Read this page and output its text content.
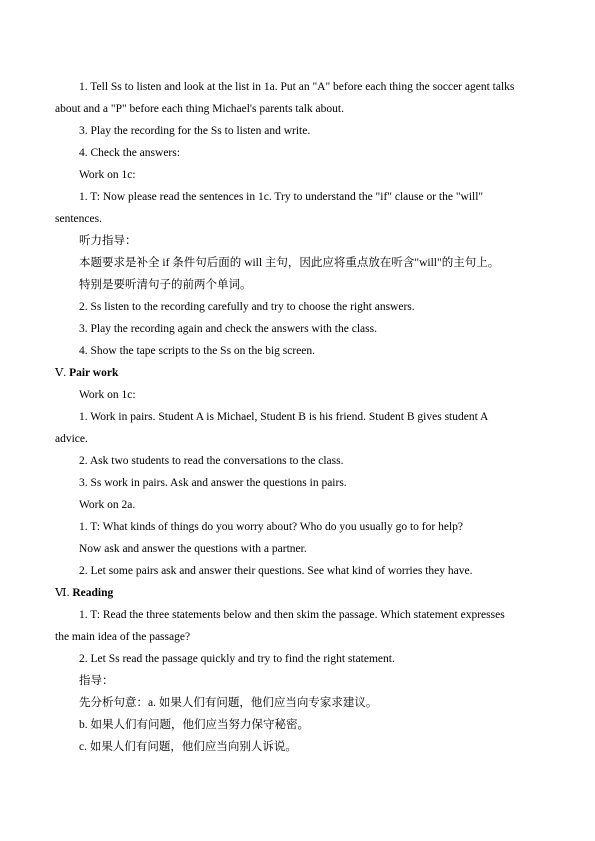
1. Tell Ss to listen and look at the list in 1a. Put an "A" before each thing the soccer agent talks
about and a "P" before each thing Michael's parents talk about.
3. Play the recording for the Ss to listen and write.
4. Check the answers:
Work on 1c:
1. T: Now please read the sentences in 1c. Try to understand the "if" clause or the "will"
sentences.
听力指导：
本题要求是补全 if 条件句后面的 will 主句，因此应将重点放在听含"will"的主句上。
特别是要听清句子的前两个单词。
2. Ss listen to the recording carefully and try to choose the right answers.
3. Play the recording again and check the answers with the class.
4. Show the tape scripts to the Ss on the big screen.
Ⅴ. Pair work
Work on 1c:
1. Work in pairs. Student A is Michael, Student B is his friend. Student B gives student A
advice.
2. Ask two students to read the conversations to the class.
3. Ss work in pairs. Ask and answer the questions in pairs.
Work on 2a.
1. T: What kinds of things do you worry about? Who do you usually go to for help?
Now ask and answer the questions with a partner.
2. Let some pairs ask and answer their questions. See what kind of worries they have.
Ⅵ. Reading
1. T: Read the three statements below and then skim the passage. Which statement expresses
the main idea of the passage?
2. Let Ss read the passage quickly and try to find the right statement.
指导：
先分析句意：a. 如果人们有问题，他们应当向专家求建议。
b. 如果人们有问题，他们应当努力保守秘密。
c. 如果人们有问题，他们应当向别人诉说。
